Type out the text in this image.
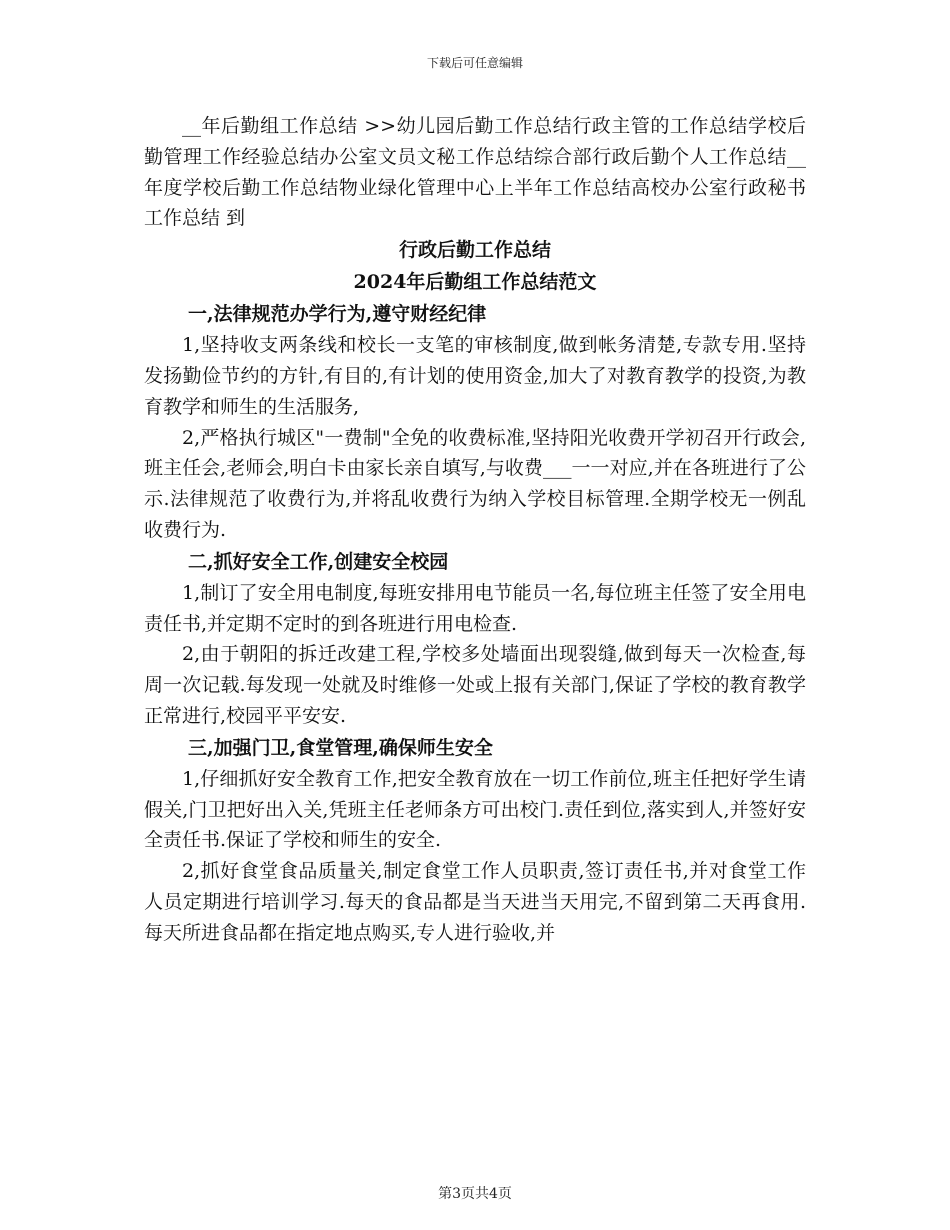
下载后可任意编辑

__年后勤组工作总结 >>幼儿园后勤工作总结行政主管的工作总结学校后勤管理工作经验总结办公室文员文秘工作总结综合部行政后勤个人工作总结__年度学校后勤工作总结物业绿化管理中心上半年工作总结高校办公室行政秘书工作总结 到

行政后勤工作总结

2024年后勤组工作总结范文

一,法律规范办学行为,遵守财经纪律

1,坚持收支两条线和校长一支笔的审核制度,做到帐务清楚,专款专用.坚持发扬勤俭节约的方针,有目的,有计划的使用资金,加大了对教育教学的投资,为教育教学和师生的生活服务,

2,严格执行城区"一费制"全免的收费标准,坚持阳光收费开学初召开行政会,班主任会,老师会,明白卡由家长亲自填写,与收费___一一对应,并在各班进行了公示.法律规范了收费行为,并将乱收费行为纳入学校目标管理.全期学校无一例乱收费行为.

二,抓好安全工作,创建安全校园

1,制订了安全用电制度,每班安排用电节能员一名,每位班主任签了安全用电责任书,并定期不定时的到各班进行用电检查.

2,由于朝阳的拆迁改建工程,学校多处墙面出现裂缝,做到每天一次检查,每周一次记载.每发现一处就及时维修一处或上报有关部门,保证了学校的教育教学正常进行,校园平平安安.

三,加强门卫,食堂管理,确保师生安全

1,仔细抓好安全教育工作,把安全教育放在一切工作前位,班主任把好学生请假关,门卫把好出入关,凭班主任老师条方可出校门.责任到位,落实到人,并签好安全责任书.保证了学校和师生的安全.

2,抓好食堂食品质量关,制定食堂工作人员职责,签订责任书,并对食堂工作人员定期进行培训学习.每天的食品都是当天进当天用完,不留到第二天再食用.每天所进食品都在指定地点购买,专人进行验收,并

第3页共4页
